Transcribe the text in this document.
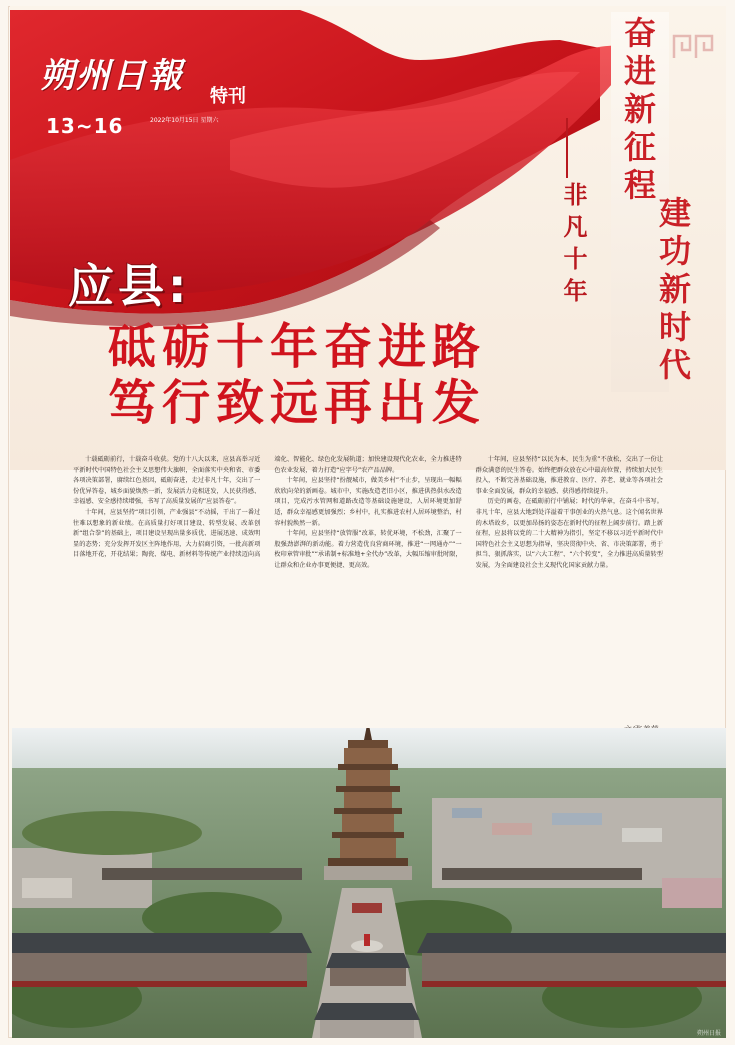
朔州日報
特刊
13~16	2022年10月15日 星期六	奋进新征程
建功新时代
非凡十年
应县:
砥砺十年奋进路
笃行致远再出发

十载砥砺前行，十载奋斗收获。党的十八大以来，应县高举习近平新时代中国特色社会主义思想伟大旗帜，全面落实中央和省、市委各项决策部署，赓续红色基因，砥砺奋进，走过非凡十年，交出了一份优异答卷，城乡面貌焕然一新，发展活力竞相迸发，人民获得感、幸福感、安全感持续增强，书写了高质量发展的“应县答卷”。

十年间，应县坚持“项目引领，产业强县”不动摇，干出了一番过往难以想象的新业绩。在高质量打好项目建设、转型发展、改革创新“组合拳”的基础上，项目建设呈现出量多质优、进展迅速、成效明显的态势；充分发挥开发区主阵地作用，大力招商引资，一批高新项目落地开花，开花结果；陶瓷、煤电、新材料等传统产业持续迈向高端化、智能化、绿色化发展轨道；加快建设现代化农业，全力推进特色农业发展，着力打造“应字号”农产品品牌。

十年间，应县坚持“扮靓城市，做美乡村”不止步，呈现出一幅幅欣欣向荣的新画卷。城市中，实施改造老旧小区，推进供热供水改造项目，完成污水管网和道路改造等基础设施建设，人居环境更加舒适，群众幸福感更加强烈；乡村中，扎实推进农村人居环境整治，村容村貌焕然一新。

十年间，应县坚持“放管服”改革，转优环境，不松劲，汇聚了一股强劲澎湃的新动能。着力营造优良营商环境，推进“一网通办”“一枚印章管审批”“承诺制+标准地+全代办”改革，大幅压缩审批时限，让群众和企业办事更便捷、更高效。

十年间，应县坚持“以民为本，民生为重”不放松，交出了一份让群众满意的民生答卷。始终把群众放在心中最高位置，持续加大民生投入，不断完善基础设施，推进教育、医疗、养老、就业等各项社会事业全面发展，群众的幸福感、获得感持续提升。

历史的画卷，在砥砺前行中铺展；时代的华章，在奋斗中书写。非凡十年，应县大地到处洋溢着干事创业的火热气息。这个闻名世界的木塔故乡，以更加昂扬的姿态在新时代的征程上阔步前行。踏上新征程，应县将以党的二十大精神为指引，坚定不移以习近平新时代中国特色社会主义思想为指导，坚决贯彻中央、省、市决策部署，勇于担当、狠抓落实，以“六大工程”、“六个转变”，全力推进高质量转型发展，为全面建设社会主义现代化国家贡献力量。

朔州日报
